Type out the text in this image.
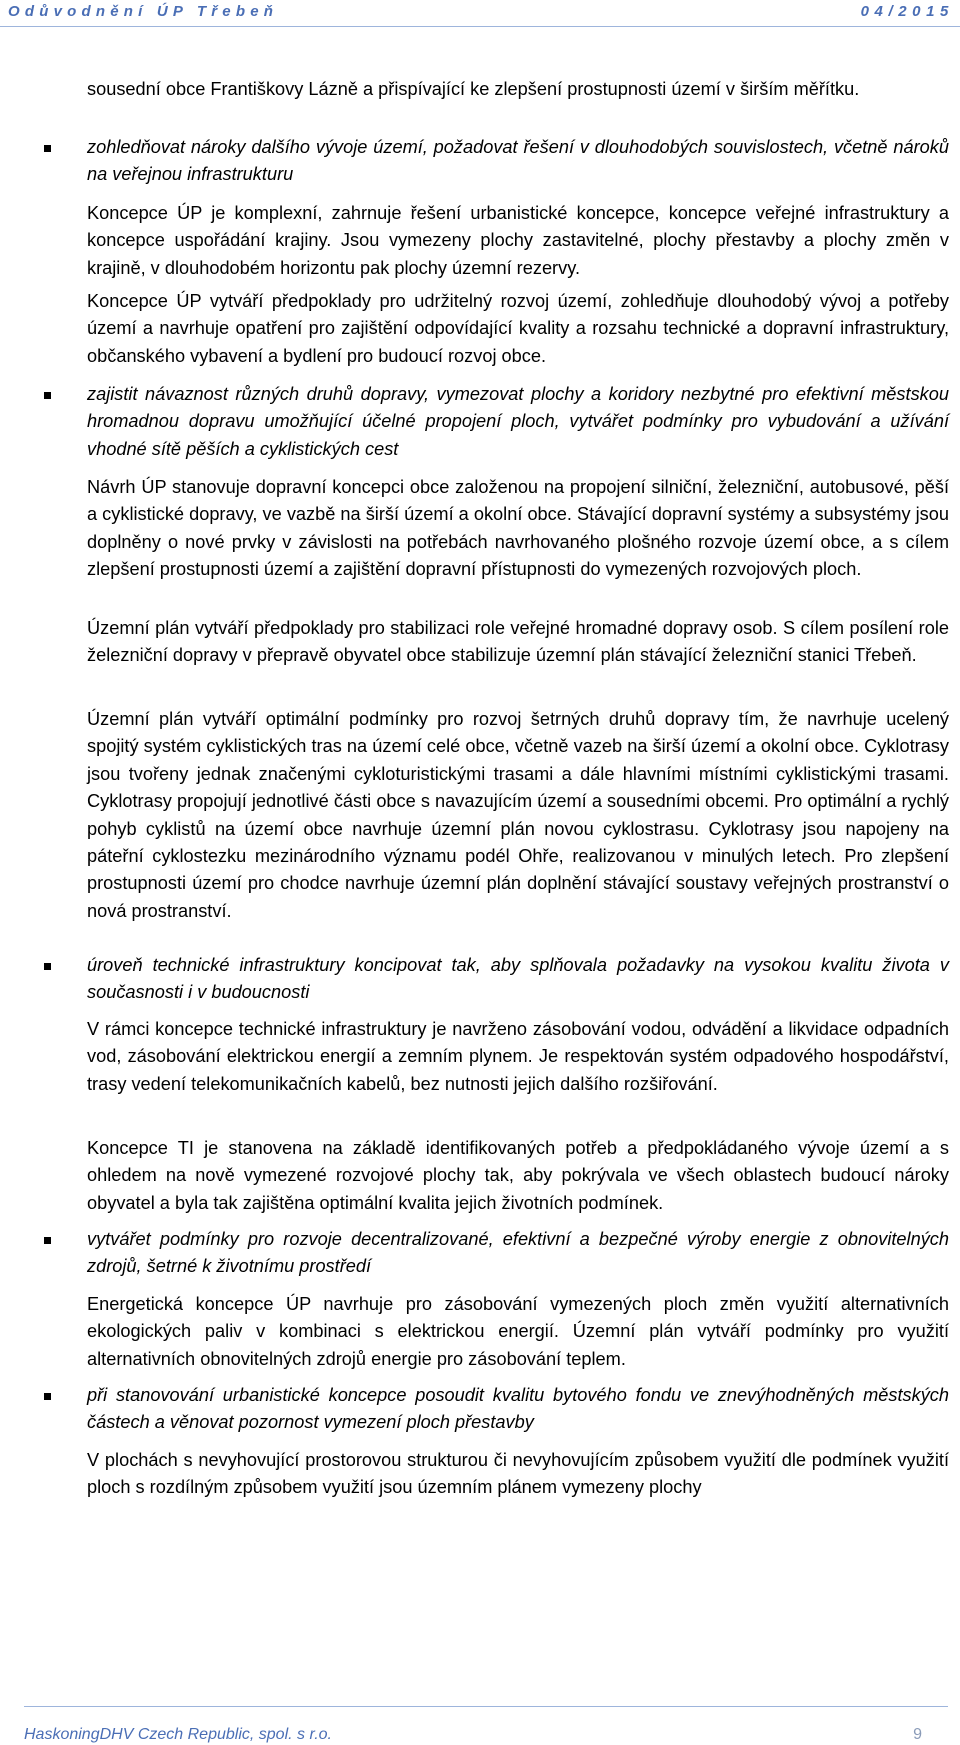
Odůvodnění ÚP Třebeň	04/2015
sousední obce Františkovy Lázně a přispívající ke zlepšení prostupnosti území v širším měřítku.
zohledňovat nároky dalšího vývoje území, požadovat řešení v dlouhodobých souvislostech, včetně nároků na veřejnou infrastrukturu
Koncepce ÚP je komplexní, zahrnuje řešení urbanistické koncepce, koncepce veřejné infrastruktury a koncepce uspořádání krajiny. Jsou vymezeny plochy zastavitelné, plochy přestavby a plochy změn v krajině, v dlouhodobém horizontu pak plochy územní rezervy.
Koncepce ÚP vytváří předpoklady pro udržitelný rozvoj území, zohledňuje dlouhodobý vývoj a potřeby území a navrhuje opatření pro zajištění odpovídající kvality a rozsahu technické a dopravní infrastruktury, občanského vybavení a bydlení pro budoucí rozvoj obce.
zajistit návaznost různých druhů dopravy, vymezovat plochy a koridory nezbytné pro efektivní městskou hromadnou dopravu umožňující účelné propojení ploch, vytvářet podmínky pro vybudování a užívání vhodné sítě pěších a cyklistických cest
Návrh ÚP stanovuje dopravní koncepci obce založenou na propojení silniční, železniční, autobusové, pěší a cyklistické dopravy, ve vazbě na širší území a okolní obce. Stávající dopravní systémy a subsystémy jsou doplněny o nové prvky v závislosti na potřebách navrhovaného plošného rozvoje území obce, a s cílem zlepšení prostupnosti území a zajištění dopravní přístupnosti do vymezených rozvojových ploch.
Územní plán vytváří předpoklady pro stabilizaci role veřejné hromadné dopravy osob. S cílem posílení role železniční dopravy v přepravě obyvatel obce stabilizuje územní plán stávající železniční stanici Třebeň.
Územní plán vytváří optimální podmínky pro rozvoj šetrných druhů dopravy tím, že navrhuje ucelený spojitý systém cyklistických tras na území celé obce, včetně vazeb na širší území a okolní obce. Cyklotrasy jsou tvořeny jednak značenými cykloturistickými trasami a dále hlavními místními cyklistickými trasami. Cyklotrasy propojují jednotlivé části obce s navazujícím území a sousedními obcemi. Pro optimální a rychlý pohyb cyklistů na území obce navrhuje územní plán novou cyklostrasu. Cyklotrasy jsou napojeny na páteřní cyklostezku mezinárodního významu podél Ohře, realizovanou v minulých letech. Pro zlepšení prostupnosti území pro chodce navrhuje územní plán doplnění stávající soustavy veřejných prostranství o nová prostranství.
úroveň technické infrastruktury koncipovat tak, aby splňovala požadavky na vysokou kvalitu života v současnosti i v budoucnosti
V rámci koncepce technické infrastruktury je navrženo zásobování vodou, odvádění a likvidace odpadních vod, zásobování elektrickou energií a zemním plynem. Je respektován systém odpadového hospodářství, trasy vedení telekomunikačních kabelů, bez nutnosti jejich dalšího rozšiřování.
Koncepce TI je stanovena na základě identifikovaných potřeb a předpokládaného vývoje území a s ohledem na nově vymezené rozvojové plochy tak, aby pokrývala ve všech oblastech budoucí nároky obyvatel a byla tak zajištěna optimální kvalita jejich životních podmínek.
vytvářet podmínky pro rozvoje decentralizované, efektivní a bezpečné výroby energie z obnovitelných zdrojů, šetrné k životnímu prostředí
Energetická koncepce ÚP navrhuje pro zásobování vymezených ploch změn využití alternativních ekologických paliv v kombinaci s elektrickou energií. Územní plán vytváří podmínky pro využití alternativních obnovitelných zdrojů energie pro zásobování teplem.
při stanovování urbanistické koncepce posoudit kvalitu bytového fondu ve znevýhodněných městských částech a věnovat pozornost vymezení ploch přestavby
V plochách s nevyhovující prostorovou strukturou či nevyhovujícím způsobem využití dle podmínek využití ploch s rozdílným způsobem využití jsou územním plánem vymezeny plochy
HaskoningDHV Czech Republic, spol. s r.o.	9
